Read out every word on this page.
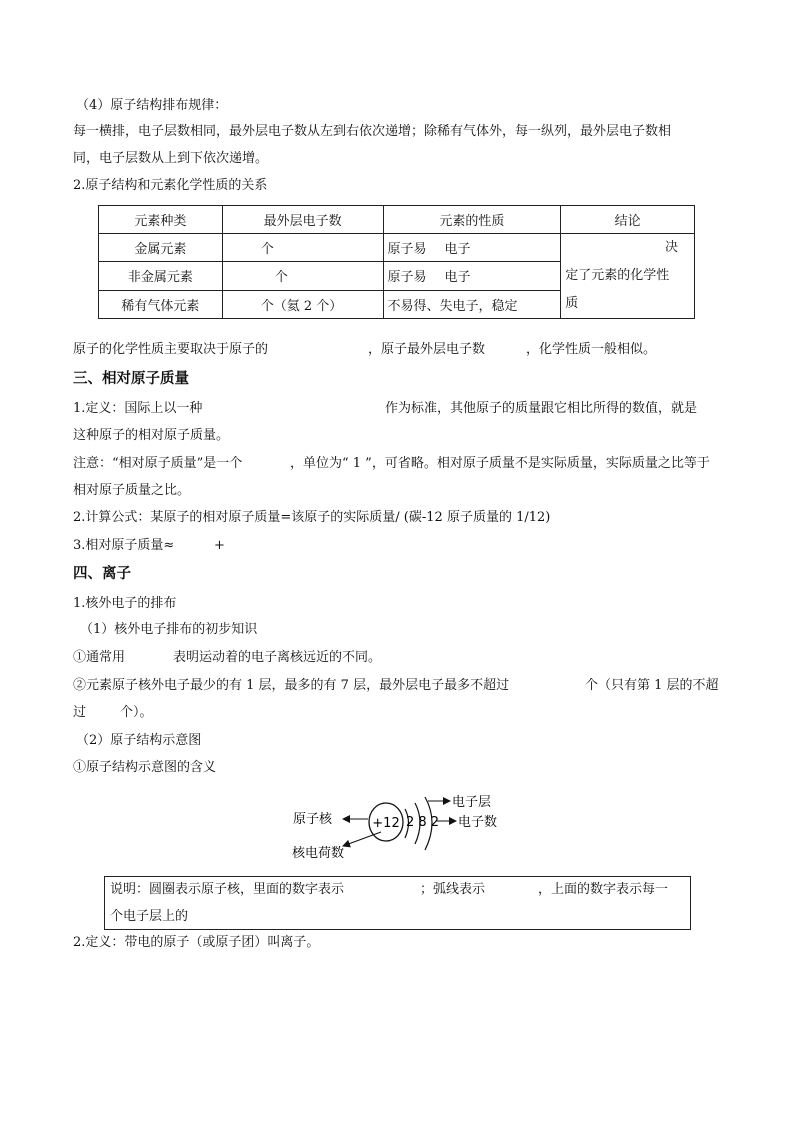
（4）原子结构排布规律：
每一横排，电子层数相同，最外层电子数从左到右依次递增；除稀有气体外，每一纵列，最外层电子数相
同，电子层数从上到下依次递增。
2.原子结构和元素化学性质的关系
元素种类	最外层电子数	元素的性质	结论
金属元素	个	原子易 电子	决
定了元素的化学性
质

非金属元素	个	原子易 电子	
稀有气体元素	个（氦 2 个）	不易得、失电子，稳定	
原子的化学性质主要取决于原子的	，原子最外层电子数	，化学性质一般相似。
三、相对原子质量
1.定义：国际上以一种	作为标准，其他原子的质量跟它相比所得的数值，就是
这种原子的相对原子质量。
注意：“相对原子质量”是一个	，单位为“ 1 ”，可省略。相对原子质量不是实际质量，实际质量之比等于
相对原子质量之比。
2.计算公式：某原子的相对原子质量=该原子的实际质量/ (碳-12 原子质量的 1/12)
3.相对原子质量≈	+
四、离子
1.核外电子的排布
（1）核外电子排布的初步知识
①通常用	表明运动着的电子离核远近的不同。
②元素原子核外电子最少的有 1 层，最多的有 7 层，最外层电子最多不超过	个（只有第 1 层的不超
过	个）。
（2）原子结构示意图
①原子结构示意图的含义
原子核	+12 2 8 2
电子层
电子数
核电荷数
说明：圆圈表示原子核，里面的数字表示	；弧线表示	，上面的数字表示每一
个电子层上的
2.定义：带电的原子（或原子团）叫离子。
